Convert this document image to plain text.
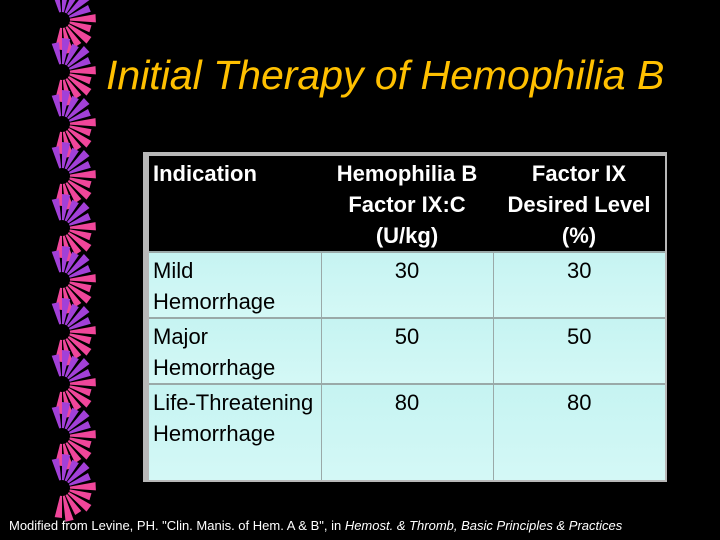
Initial Therapy of Hemophilia B
Indication	Hemophilia B Factor IX:C (U/kg)	Factor IX Desired Level (%)
Mild Hemorrhage	30	30
Major Hemorrhage	50	50
Life-Threatening Hemorrhage	80	80
Modified from Levine, PH. "Clin. Manis. of Hem. A & B", in Hemost. & Thromb, Basic Principles & Practices
